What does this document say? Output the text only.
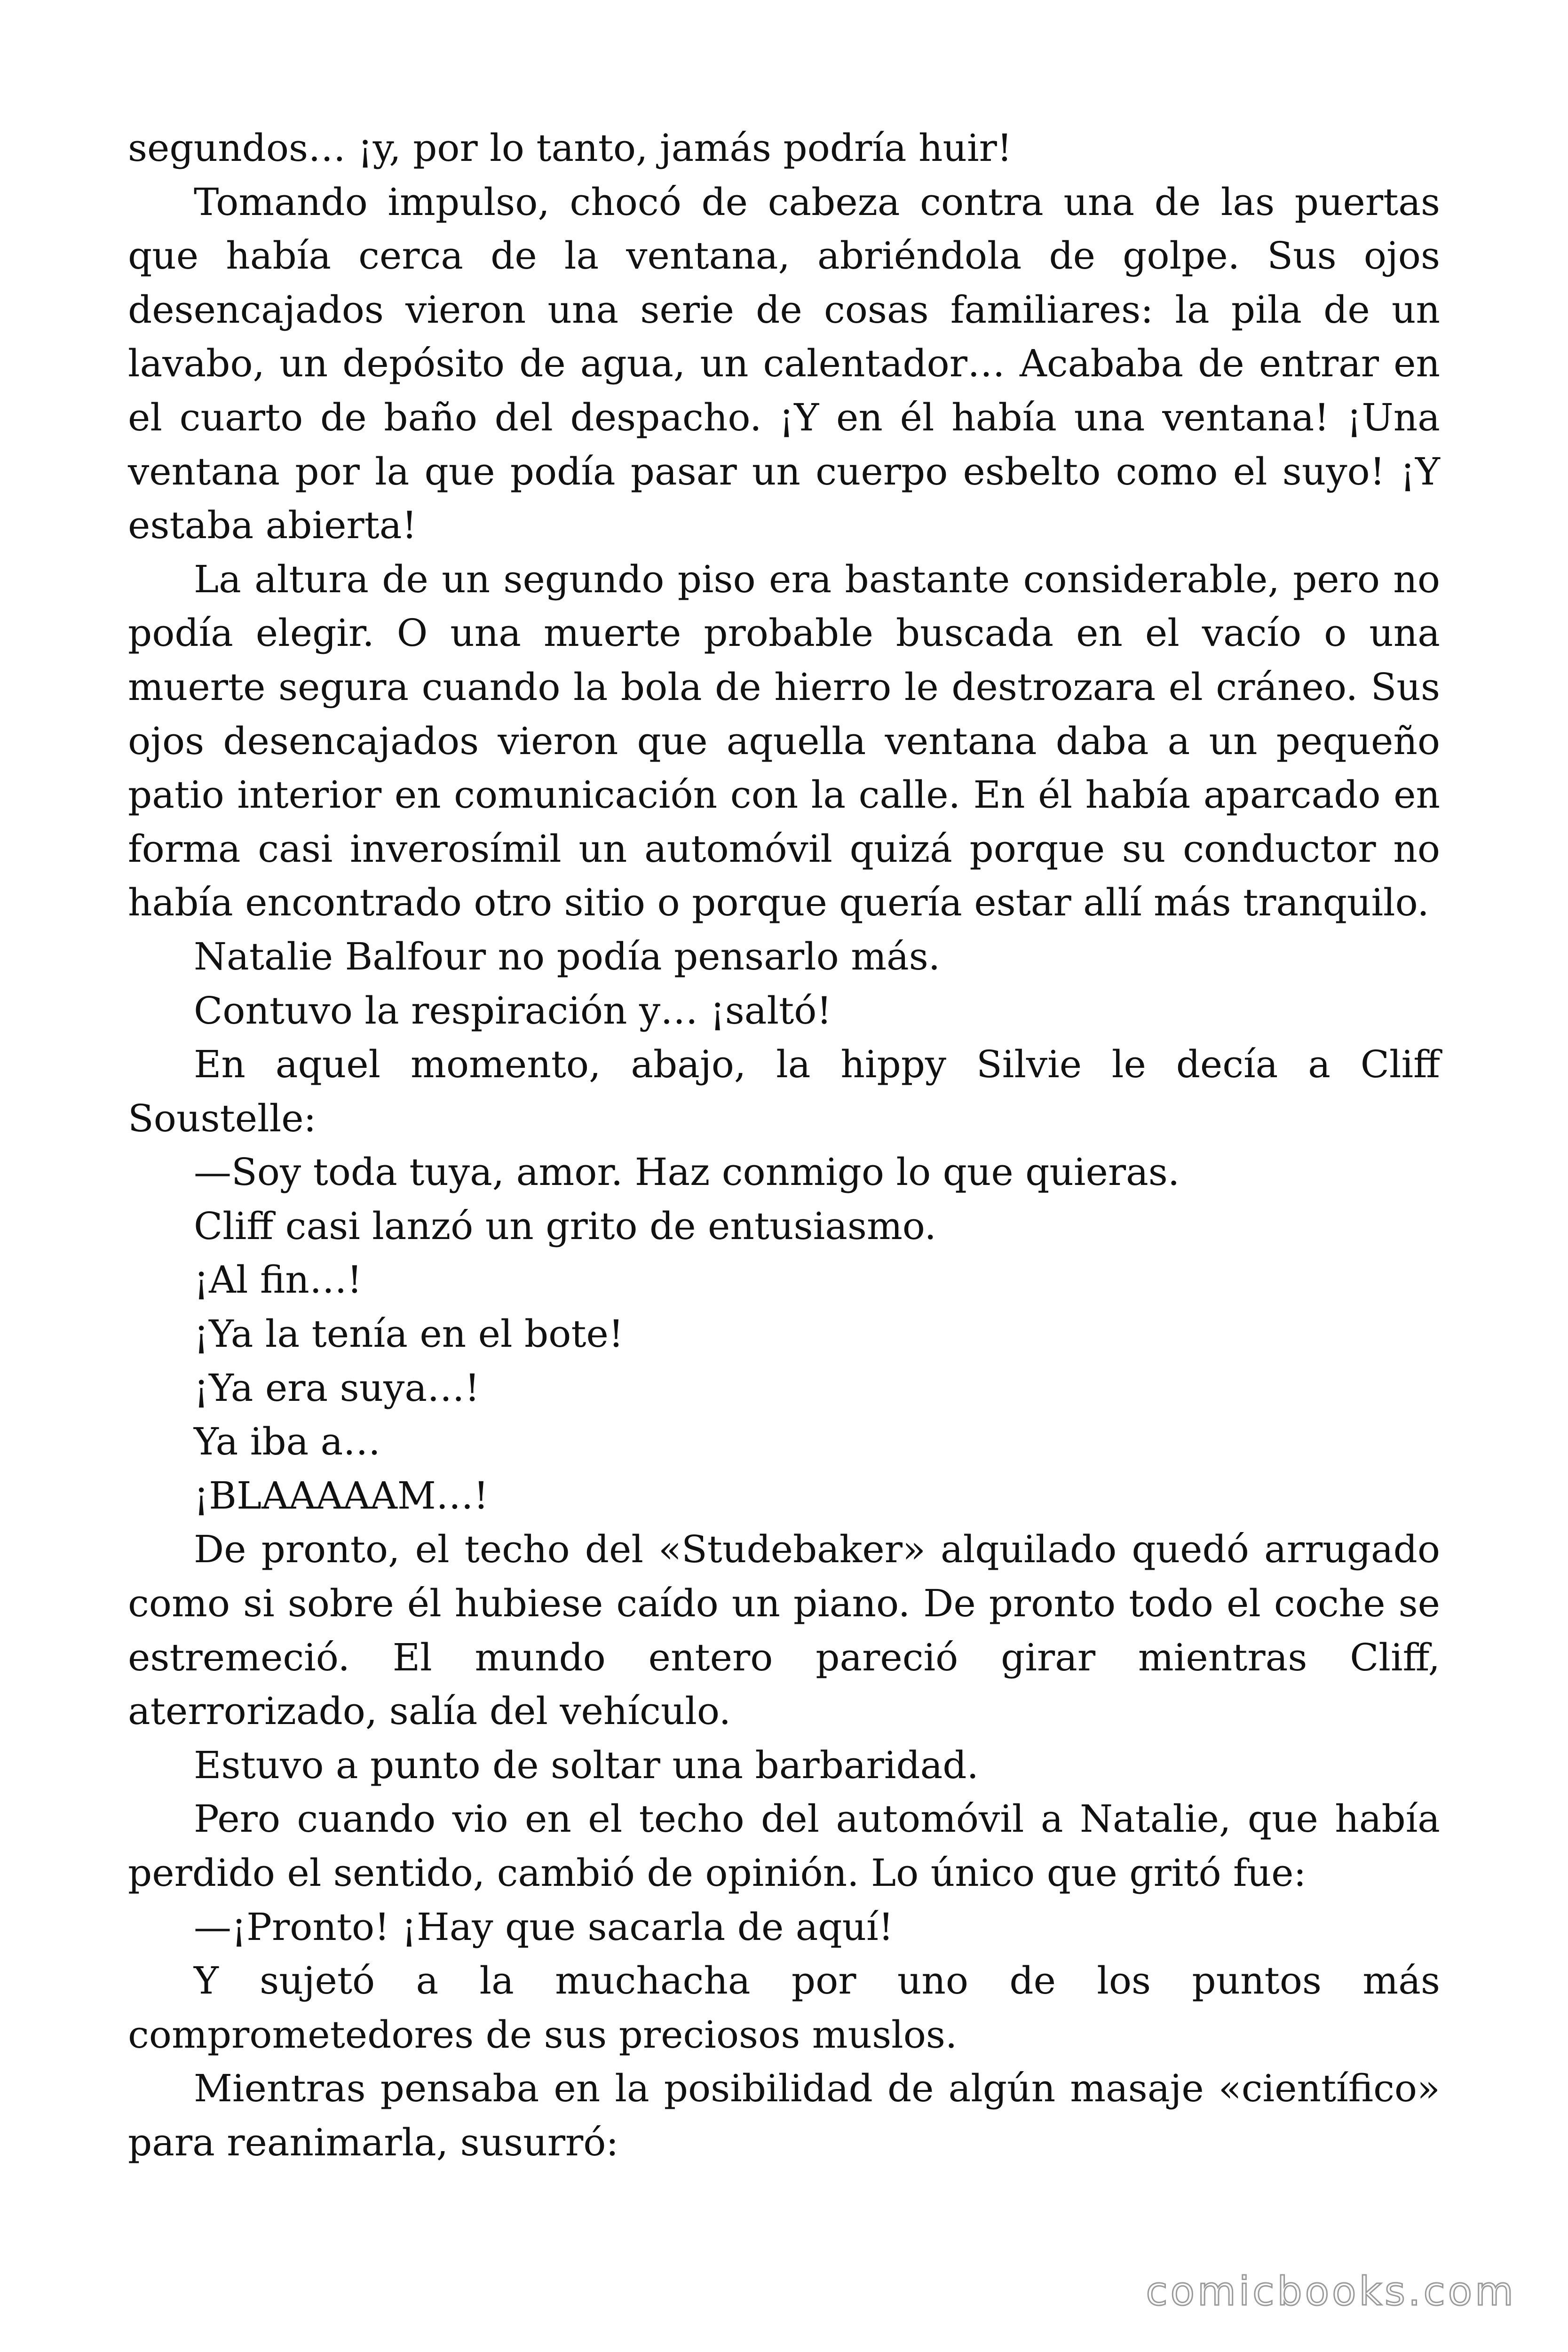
segundos… ¡y, por lo tanto, jamás podría huir!

Tomando impulso, chocó de cabeza contra una de las puertas que había cerca de la ventana, abriéndola de golpe. Sus ojos desencajados vieron una serie de cosas familiares: la pila de un lavabo, un depósito de agua, un calentador… Acababa de entrar en el cuarto de baño del despacho. ¡Y en él había una ventana! ¡Una ventana por la que podía pasar un cuerpo esbelto como el suyo! ¡Y estaba abierta!

La altura de un segundo piso era bastante considerable, pero no podía elegir. O una muerte probable buscada en el vacío o una muerte segura cuando la bola de hierro le destrozara el cráneo. Sus ojos desencajados vieron que aquella ventana daba a un pequeño patio interior en comunicación con la calle. En él había aparcado en forma casi inverosímil un automóvil quizá porque su conductor no había encontrado otro sitio o porque quería estar allí más tranquilo.

Natalie Balfour no podía pensarlo más.

Contuvo la respiración y… ¡saltó!

En aquel momento, abajo, la hippy Silvie le decía a Cliff Soustelle:

—Soy toda tuya, amor. Haz conmigo lo que quieras.

Cliff casi lanzó un grito de entusiasmo.

¡Al fin…!

¡Ya la tenía en el bote!

¡Ya era suya…!

Ya iba a…

¡BLAAAAAM…!

De pronto, el techo del «Studebaker» alquilado quedó arrugado como si sobre él hubiese caído un piano. De pronto todo el coche se estremeció. El mundo entero pareció girar mientras Cliff, aterrorizado, salía del vehículo.

Estuvo a punto de soltar una barbaridad.

Pero cuando vio en el techo del automóvil a Natalie, que había perdido el sentido, cambió de opinión. Lo único que gritó fue:

—¡Pronto! ¡Hay que sacarla de aquí!

Y sujetó a la muchacha por uno de los puntos más comprometedores de sus preciosos muslos.

Mientras pensaba en la posibilidad de algún masaje «científico» para reanimarla, susurró:

comicbooks.com
